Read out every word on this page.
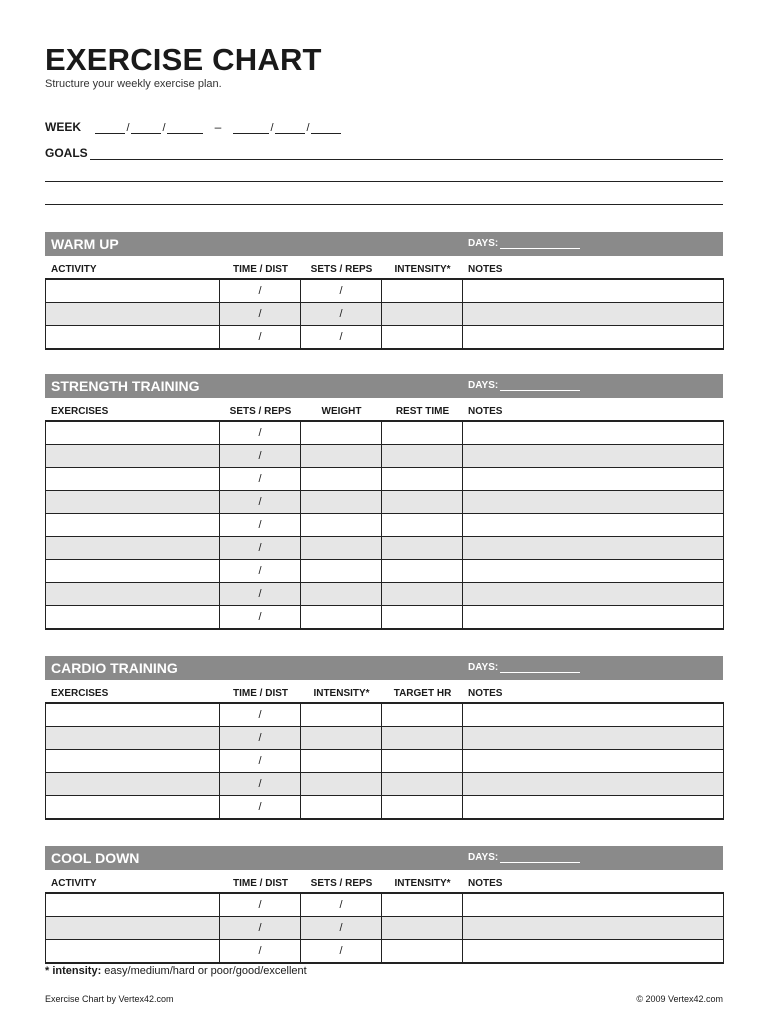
EXERCISE CHART
Structure your weekly exercise plan.
WEEK	/	/	–	/	/
GOALS
WARM UP	DAYS:
ACTIVITY	TIME / DIST	SETS / REPS	INTENSITY*	NOTES
	/	/		
	/	/		
	/	/		
STRENGTH TRAINING	DAYS:
EXERCISES	SETS / REPS	WEIGHT	REST TIME	NOTES
	/			
	/			
	/			
	/			
	/			
	/			
	/			
	/			
	/			
CARDIO TRAINING	DAYS:
EXERCISES	TIME / DIST	INTENSITY*	TARGET HR	NOTES
	/			
	/			
	/			
	/			
	/			
COOL DOWN	DAYS:
ACTIVITY	TIME / DIST	SETS / REPS	INTENSITY*	NOTES
	/	/		
	/	/		
	/	/		
* intensity: easy/medium/hard or poor/good/excellent
Exercise Chart by Vertex42.com	© 2009 Vertex42.com
